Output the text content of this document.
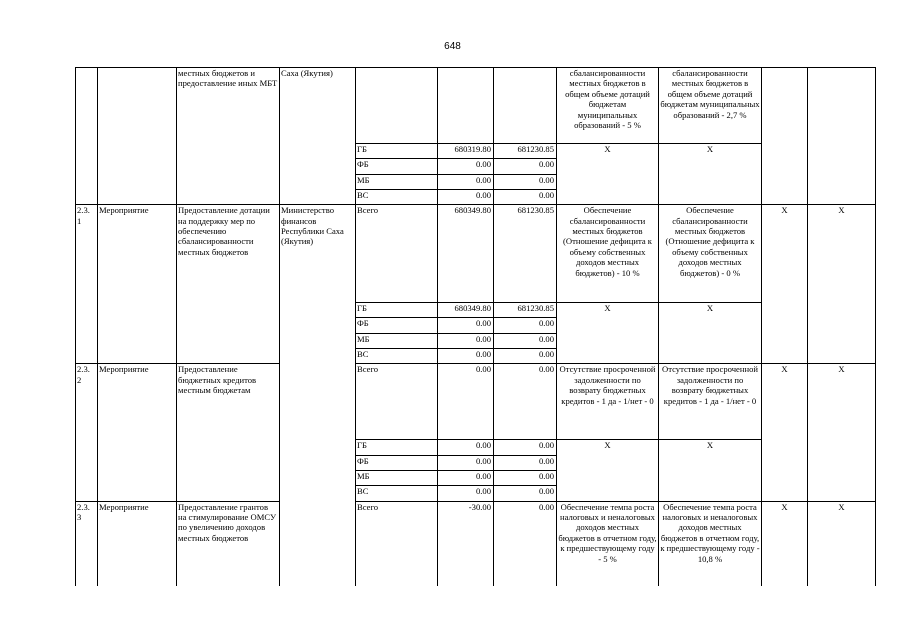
648
		местных бюджетов и предоставление иных МБТ	Саха (Якутия)				сбалансированности местных бюджетов в общем объеме дотаций бюджетам муниципальных образований - 5 %	сбалансированности местных бюджетов в общем объеме дотаций бюджетам муниципальных образований - 2,7 %		
				ГБ	680319.80	681230.85	Х	Х		
				ФБ	0.00	0.00				
				МБ	0.00	0.00				
				ВС	0.00	0.00				
2.3. 1	Мероприятие	Предоставление дотации на поддержку мер по обеспечению сбалансированности местных бюджетов	Министерство финансов Республики Саха (Якутия)	Всего	680349.80	681230.85	Обеспечение сбалансированности местных бюджетов (Отношение дефицита к объему собственных доходов местных бюджетов) - 10 %	Обеспечение сбалансированности местных бюджетов (Отношение дефицита к объему собственных доходов местных бюджетов) - 0 %	Х	Х
				ГБ	680349.80	681230.85	Х	Х		
				ФБ	0.00	0.00				
				МБ	0.00	0.00				
				ВС	0.00	0.00				
2.3. 2	Мероприятие	Предоставление бюджетных кредитов местным бюджетам		Всего	0.00	0.00	Отсутствие просроченной задолженности по возврату бюджетных кредитов - 1 да - 1/нет - 0	Отсутствие просроченной задолженности по возврату бюджетных кредитов - 1 да - 1/нет - 0	Х	Х
				ГБ	0.00	0.00	Х	Х		
				ФБ	0.00	0.00				
				МБ	0.00	0.00				
				ВС	0.00	0.00				
2.3. 3	Мероприятие	Предоставление грантов на стимулирование ОМСУ по увеличению доходов местных бюджетов		Всего	-30.00	0.00	Обеспечение темпа роста налоговых и неналоговых доходов местных бюджетов в отчетном году, к предшествующему году - 5 %	Обеспечение темпа роста налоговых и неналоговых доходов местных бюджетов в отчетном году, к предшествующему году - 10,8 %	Х	Х
